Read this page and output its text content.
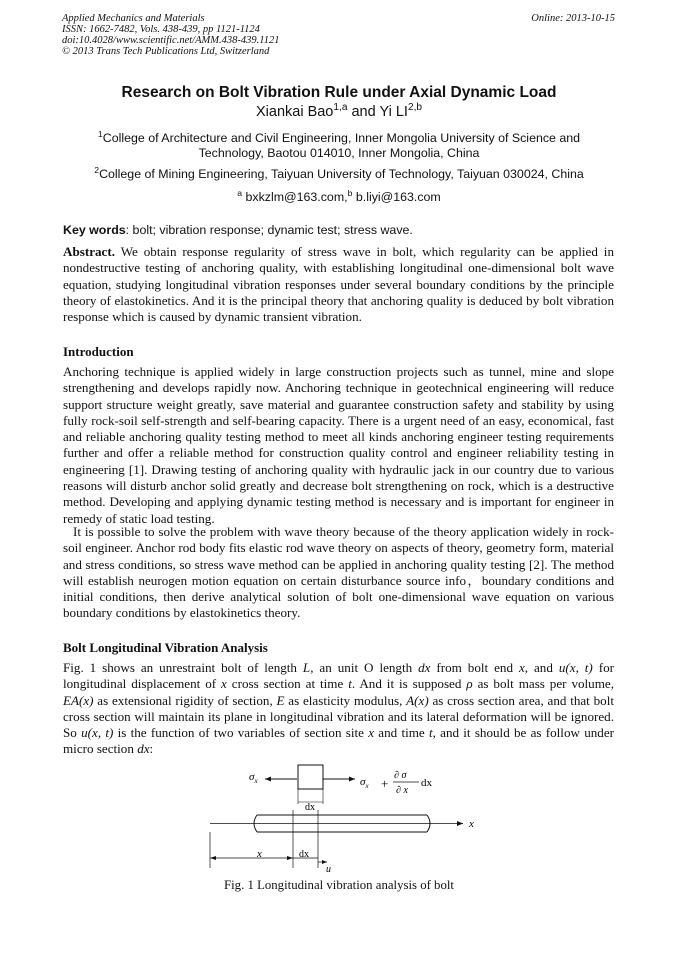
Applied Mechanics and Materials
ISSN: 1662-7482, Vols. 438-439, pp 1121-1124
doi:10.4028/www.scientific.net/AMM.438-439.1121
© 2013 Trans Tech Publications Ltd, Switzerland
Online: 2013-10-15
Research on Bolt Vibration Rule under Axial Dynamic Load
Xiankai Bao$^{1,a}$ and Yi LI$^{2,b}$
$^1$College of Architecture and Civil Engineering, Inner Mongolia University of Science and
Technology, Baotou 014010, Inner Mongolia, China
$^2$College of Mining Engineering, Taiyuan University of Technology, Taiyuan 030024, China
$^a$ bxkzlm@163.com,$^b$ b.liyi@163.com
Key words: bolt; vibration response; dynamic test; stress wave.
Abstract. We obtain response regularity of stress wave in bolt, which regularity can be applied in nondestructive testing of anchoring quality, with establishing longitudinal one-dimensional bolt wave equation, studying longitudinal vibration responses under several boundary conditions by the principle theory of elastokinetics. And it is the principal theory that anchoring quality is deduced by bolt vibration response which is caused by dynamic transient vibration.
Introduction
Anchoring technique is applied widely in large construction projects such as tunnel, mine and slope strengthening and develops rapidly now. Anchoring technique in geotechnical engineering will reduce support structure weight greatly, save material and guarantee construction safety and stability by using fully rock-soil self-strength and self-bearing capacity. There is a urgent need of an easy, economical, fast and reliable anchoring quality testing method to meet all kinds anchoring engineer testing requirements further and offer a reliable method for construction quality control and engineer reliability testing in engineering [1]. Drawing testing of anchoring quality with hydraulic jack in our country due to various reasons will disturb anchor solid greatly and decrease bolt strengthening on rock, which is a destructive method. Developing and applying dynamic testing method is necessary and is important for engineer in remedy of static load testing.
It is possible to solve the problem with wave theory because of the theory application widely in rock-soil engineer. Anchor rod body fits elastic rod wave theory on aspects of theory, geometry form, material and stress conditions, so stress wave method can be applied in anchoring quality testing [2]. The method will establish neurogen motion equation on certain disturbance source info，boundary conditions and initial conditions, then derive analytical solution of bolt one-dimensional wave equation on various boundary conditions by elastokinetics theory.
Bolt Longitudinal Vibration Analysis
Fig. 1 shows an unrestraint bolt of length L, an unit O length dx from bolt end x, and u(x, t) for longitudinal displacement of x cross section at time t. And it is supposed ρ as bolt mass per volume, EA(x) as extensional rigidity of section, E as elasticity modulus, A(x) as cross section area, and that bolt cross section will maintain its plane in longitudinal vibration and its lateral deformation will be ignored. So u(x, t) is the function of two variables of section site x and time t, and it should be as follow under micro section dx:
$\sigma_x$	$\sigma_x$ +
∂ σ
∂ x
dx
dx
x
x	dx
u
Fig. 1 Longitudinal vibration analysis of bolt
